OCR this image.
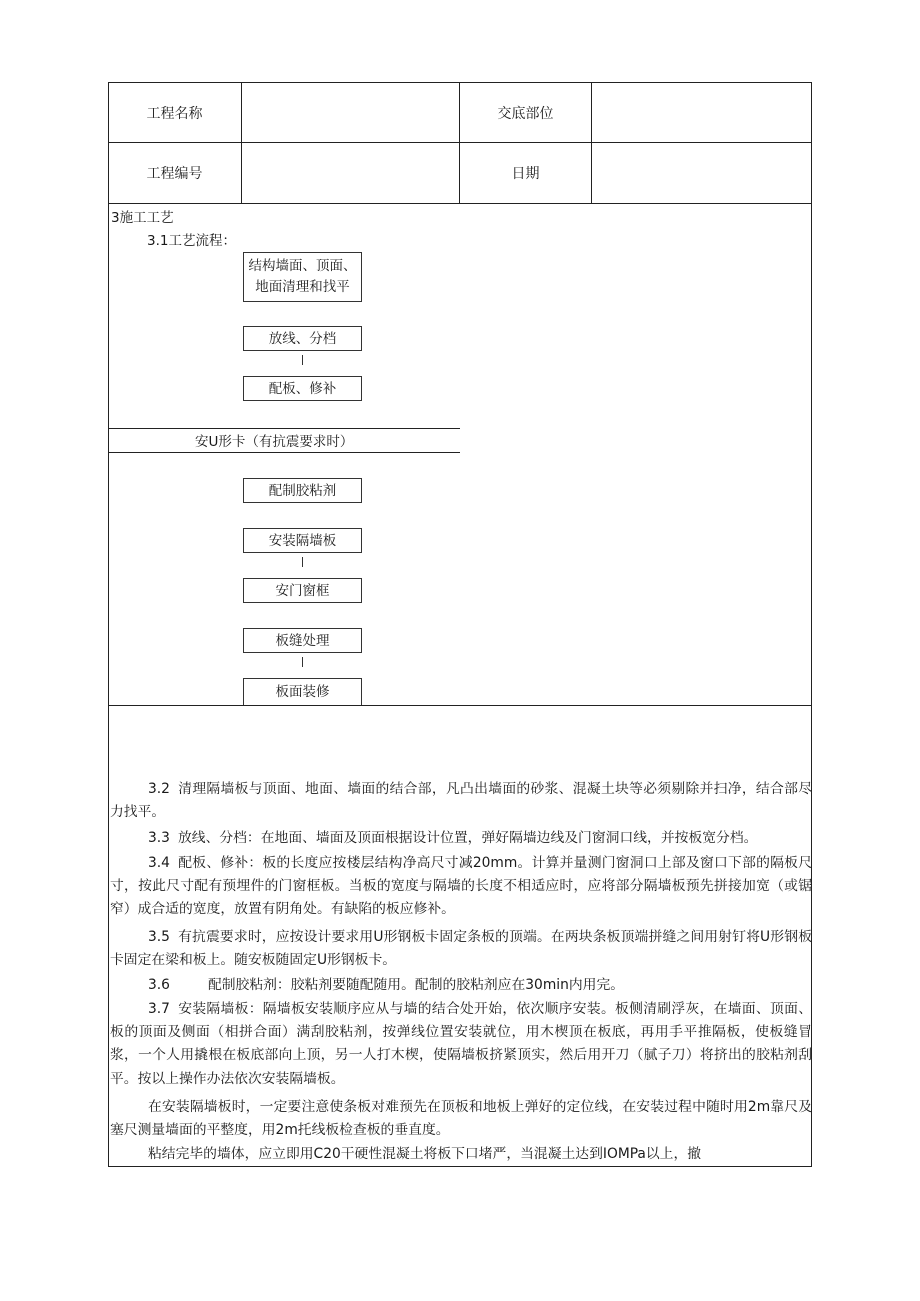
工程名称	交底部位
工程编号	日期
3施工工艺
3.1工艺流程：
结构墙面、顶面、
地面清理和找平
放线、分档
配板、修补
安U形卡（有抗震要求时）
配制胶粘剂
安装隔墙板
安门窗框
板缝处理
板面装修

3.2 清理隔墙板与顶面、地面、墙面的结合部，凡凸出墙面的砂浆、混凝土块等必须剔除并扫净，结合部尽力找平。

3.3 放线、分档：在地面、墙面及顶面根据设计位置，弹好隔墙边线及门窗洞口线，并按板宽分档。

3.4 配板、修补：板的长度应按楼层结构净高尺寸减20mm。计算并量测门窗洞口上部及窗口下部的隔板尺寸，按此尺寸配有预埋件的门窗框板。当板的宽度与隔墙的长度不相适应时，应将部分隔墙板预先拼接加宽（或锯窄）成合适的宽度，放置有阴角处。有缺陷的板应修补。

3.5 有抗震要求时，应按设计要求用U形钢板卡固定条板的顶端。在两块条板顶端拼缝之间用射钉将U形钢板卡固定在梁和板上。随安板随固定U形钢板卡。

3.6	配制胶粘剂：胶粘剂要随配随用。配制的胶粘剂应在30min内用完。

3.7 安装隔墙板：隔墙板安装顺序应从与墙的结合处开始，依次顺序安装。板侧清刷浮灰，在墙面、顶面、板的顶面及侧面（相拼合面）满刮胶粘剂，按弹线位置安装就位，用木楔顶在板底，再用手平推隔板，使板缝冒浆，一个人用撬根在板底部向上顶，另一人打木楔，使隔墙板挤紧顶实，然后用开刀（腻子刀）将挤出的胶粘剂刮平。按以上操作办法依次安装隔墙板。

在安装隔墙板时，一定要注意使条板对难预先在顶板和地板上弹好的定位线，在安装过程中随时用2m靠尺及塞尺测量墙面的平整度，用2m托线板检查板的垂直度。

粘结完毕的墙体，应立即用C20干硬性混凝土将板下口堵严，当混凝土达到IOMPa以上，撤
